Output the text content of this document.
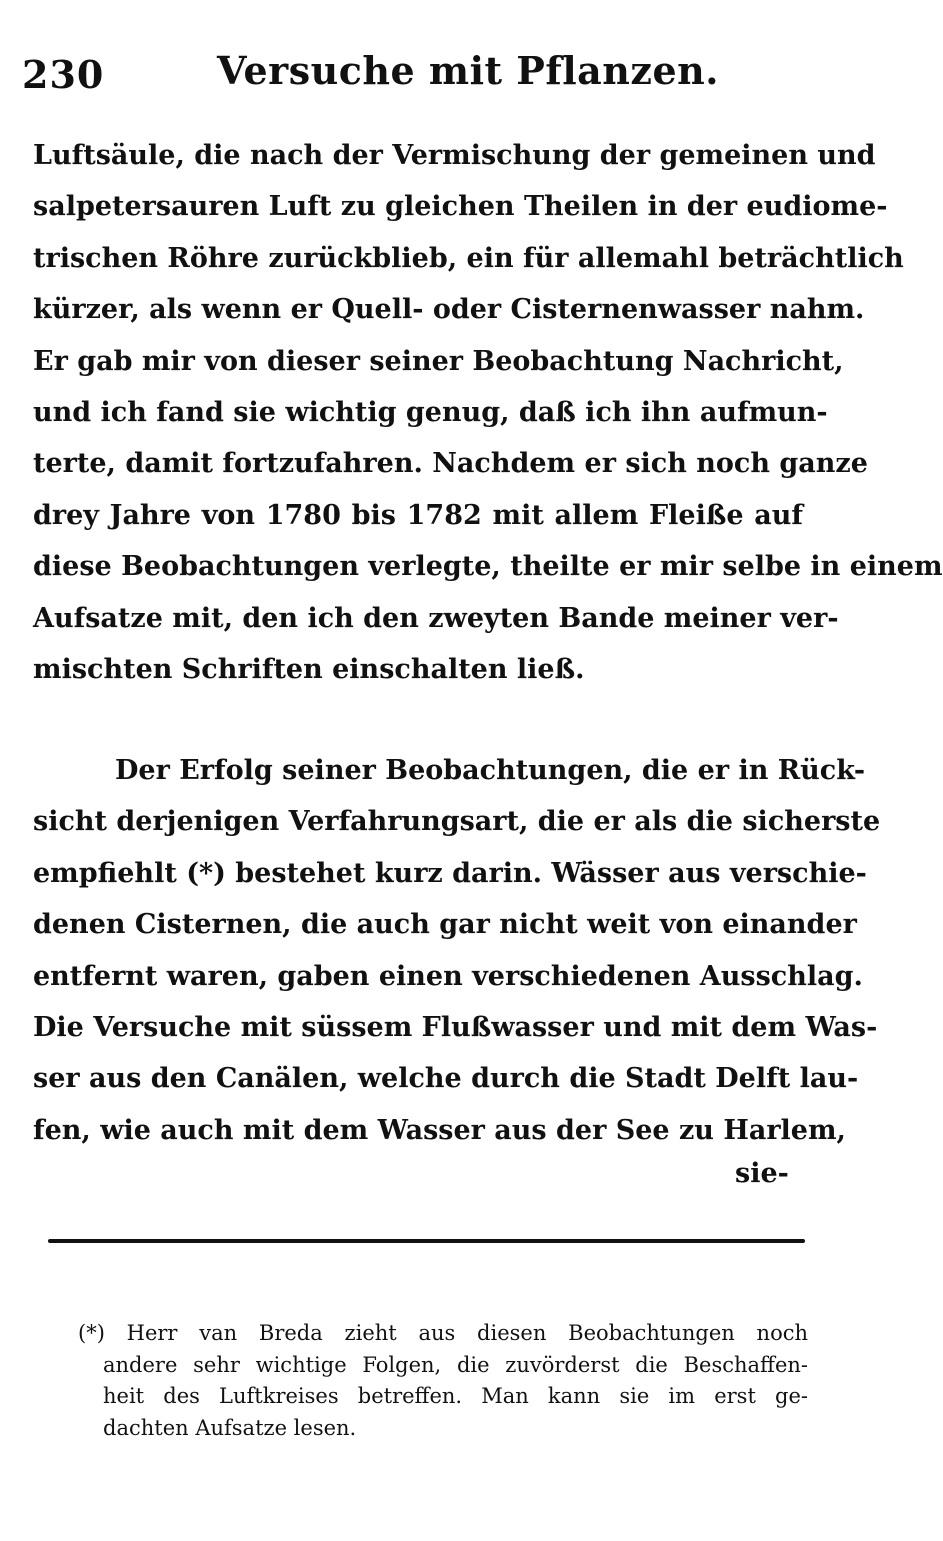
230	Versuche mit Pflanzen.
Luftsäule, die nach der Vermischung der gemeinen und
salpetersauren Luft zu gleichen Theilen in der eudiome-
trischen Röhre zurückblieb, ein für allemahl beträchtlich
kürzer, als wenn er Quell- oder Cisternenwasser nahm.
Er gab mir von dieser seiner Beobachtung Nachricht,
und ich fand sie wichtig genug, daß ich ihn aufmun-
terte, damit fortzufahren. Nachdem er sich noch ganze
drey Jahre von 1780 bis 1782 mit allem Fleiße auf
diese Beobachtungen verlegte, theilte er mir selbe in einem
Aufsatze mit, den ich den zweyten Bande meiner ver-
mischten Schriften einschalten ließ.
Der Erfolg seiner Beobachtungen, die er in Rück-
sicht derjenigen Verfahrungsart, die er als die sicherste
empfiehlt (*) bestehet kurz darin. Wässer aus verschie-
denen Cisternen, die auch gar nicht weit von einander
entfernt waren, gaben einen verschiedenen Ausschlag.
Die Versuche mit süssem Flußwasser und mit dem Was-
ser aus den Canälen, welche durch die Stadt Delft lau-
fen, wie auch mit dem Wasser aus der See zu Harlem,
sie-
(*) Herr van Breda zieht aus diesen Beobachtungen noch
andere sehr wichtige Folgen, die zuvörderst die Beschaffen-
heit des Luftkreises betreffen. Man kann sie im erst ge-
dachten Aufsatze lesen.
